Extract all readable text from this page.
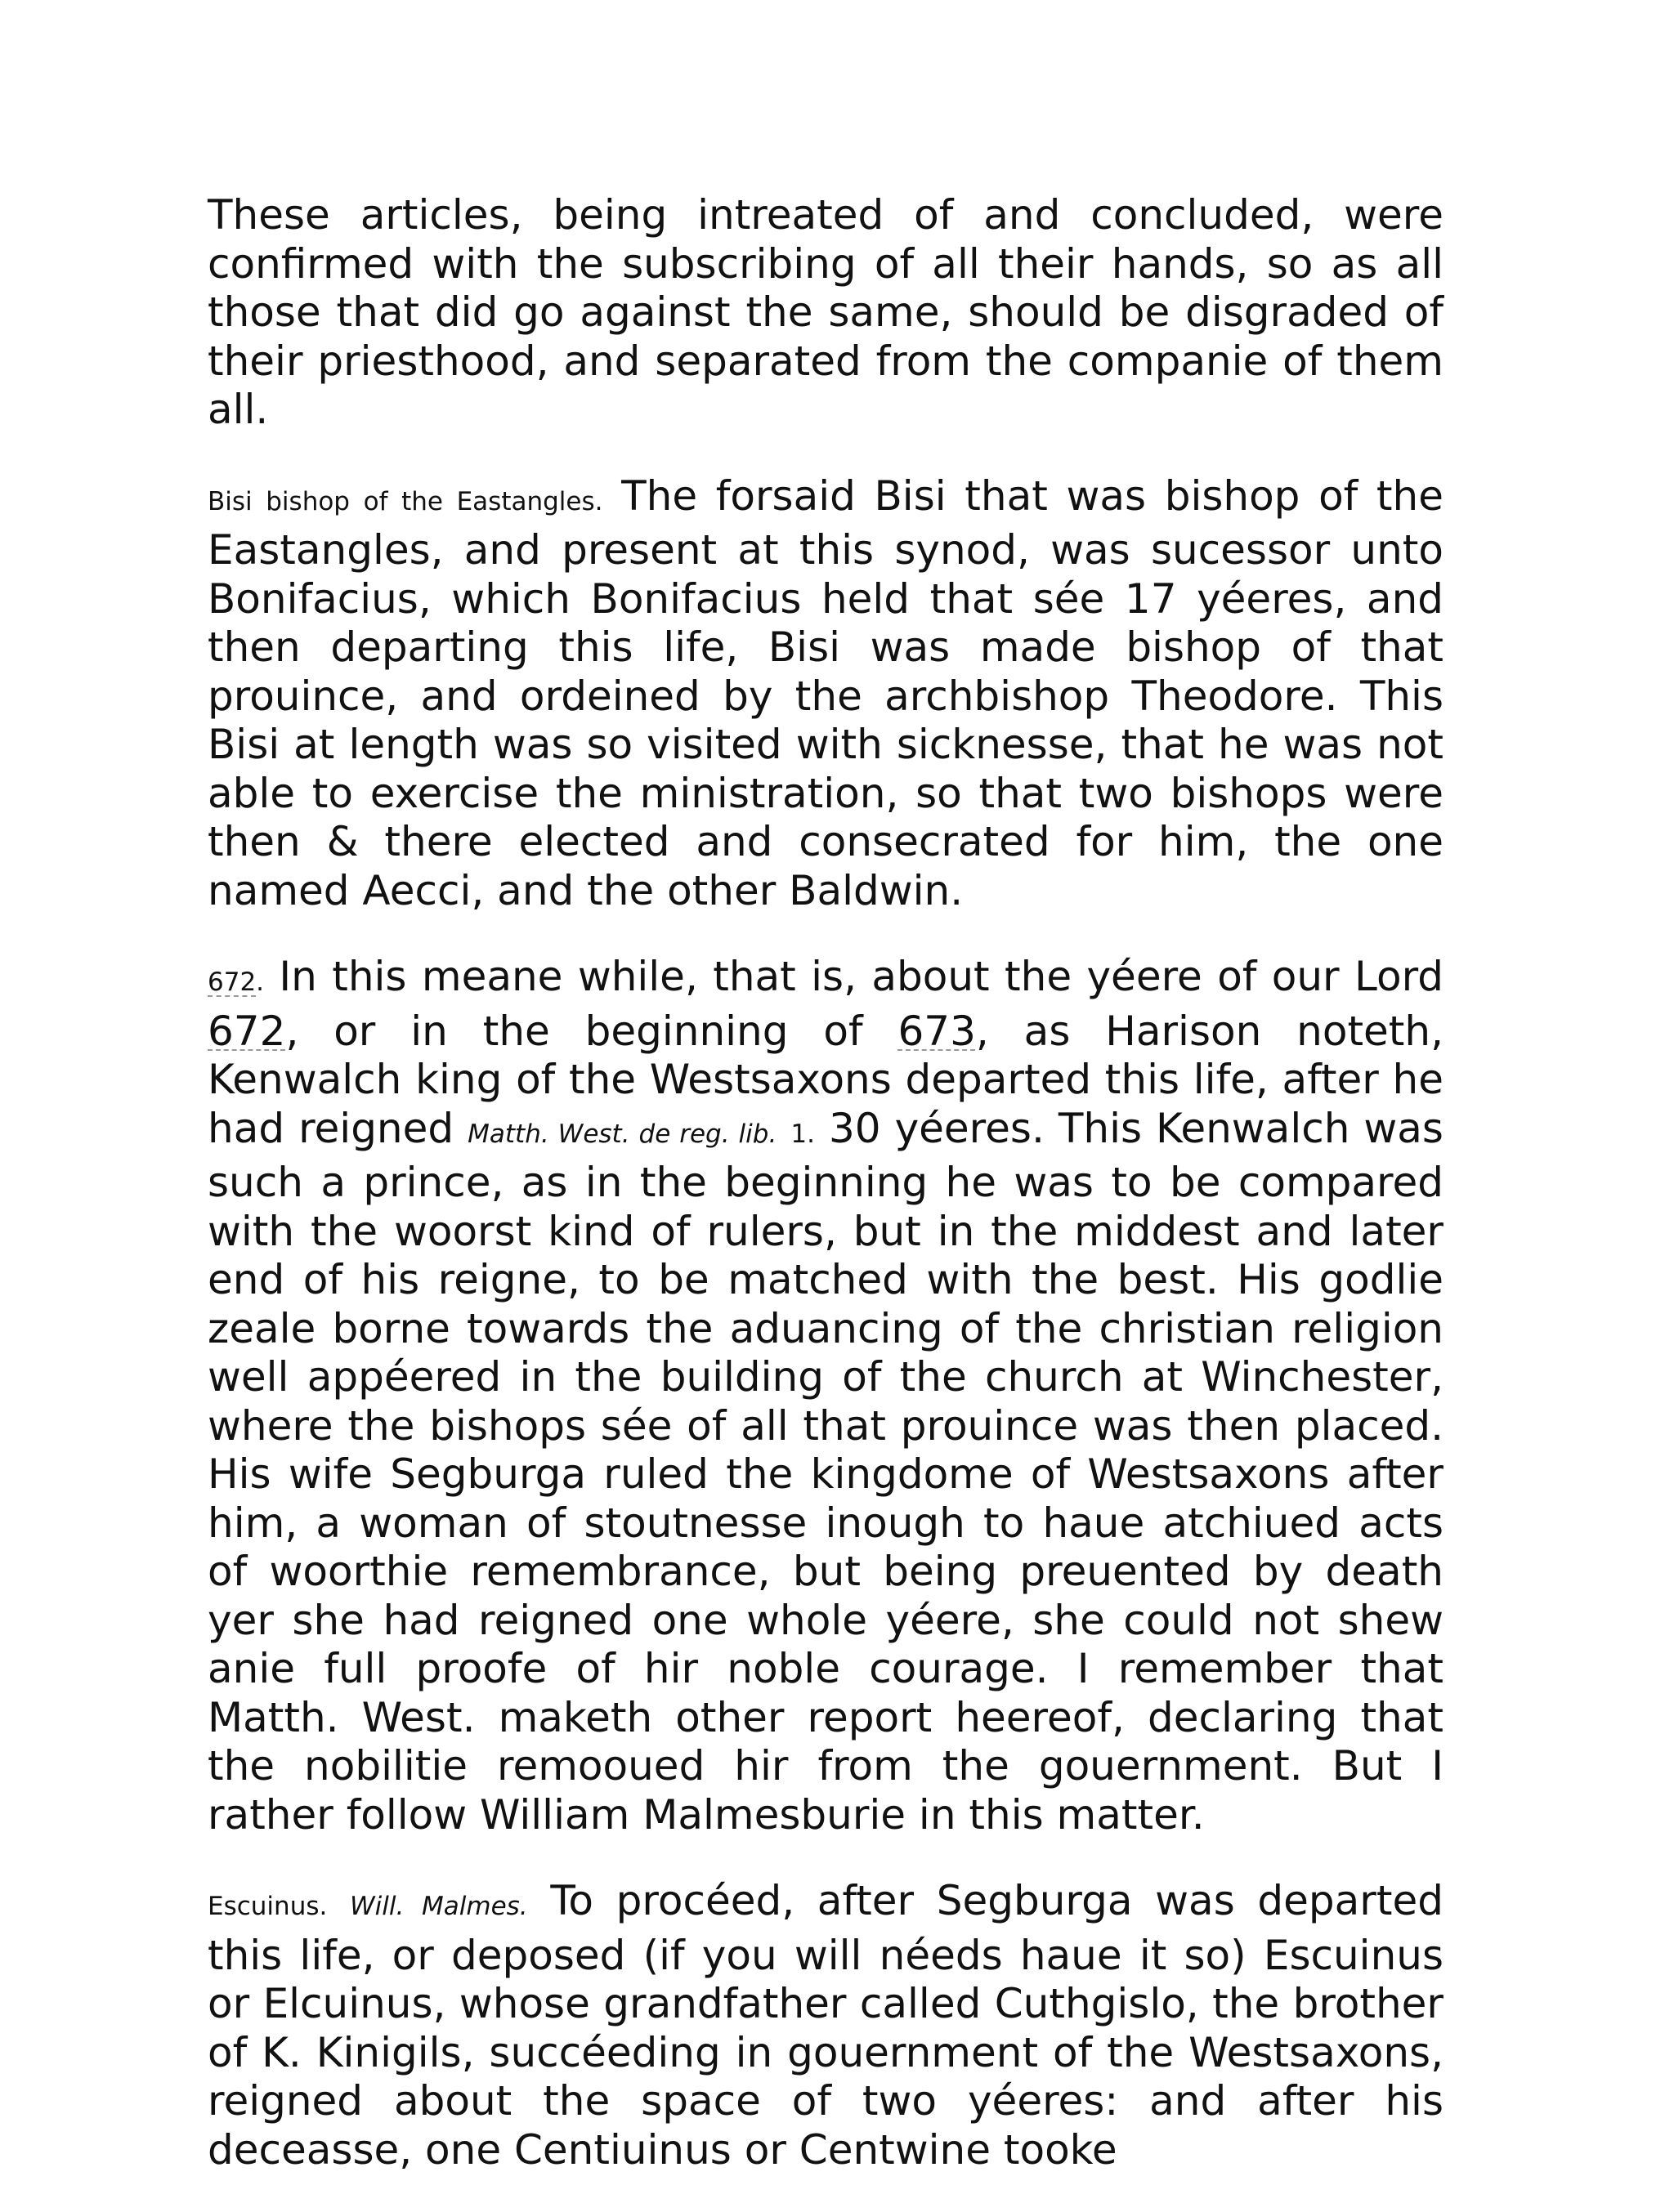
These articles, being intreated of and concluded, were confirmed with the subscribing of all their hands, so as all those that did go against the same, should be disgraded of their priesthood, and separated from the companie of them all.

Bisi bishop of the Eastangles. The forsaid Bisi that was bishop of the Eastangles, and present at this synod, was sucessor unto Bonifacius, which Bonifacius held that sée 17 yéeres, and then departing this life, Bisi was made bishop of that prouince, and ordeined by the archbishop Theodore. This Bisi at length was so visited with sicknesse, that he was not able to exercise the ministration, so that two bishops were then & there elected and consecrated for him, the one named Aecci, and the other Baldwin.

672. In this meane while, that is, about the yéere of our Lord 672, or in the beginning of 673, as Harison noteth, Kenwalch king of the Westsaxons departed this life, after he had reigned Matth. West. de reg. lib. 1. 30 yéeres. This Kenwalch was such a prince, as in the beginning he was to be compared with the woorst kind of rulers, but in the middest and later end of his reigne, to be matched with the best. His godlie zeale borne towards the aduancing of the christian religion well appéered in the building of the church at Winchester, where the bishops sée of all that prouince was then placed. His wife Segburga ruled the kingdome of Westsaxons after him, a woman of stoutnesse inough to haue atchiued acts of woorthie remembrance, but being preuented by death yer she had reigned one whole yéere, she could not shew anie full proofe of hir noble courage. I remember that Matth. West. maketh other report heereof, declaring that the nobilitie remooued hir from the gouernment. But I rather follow William Malmesburie in this matter.

Escuinus. Will. Malmes. To procéed, after Segburga was departed this life, or deposed (if you will néeds haue it so) Escuinus or Elcuinus, whose grandfather called Cuthgislo, the brother of K. Kinigils, succéeding in gouernment of the Westsaxons, reigned about the space of two yéeres: and after his deceasse, one Centiuinus or Centwine tooke
